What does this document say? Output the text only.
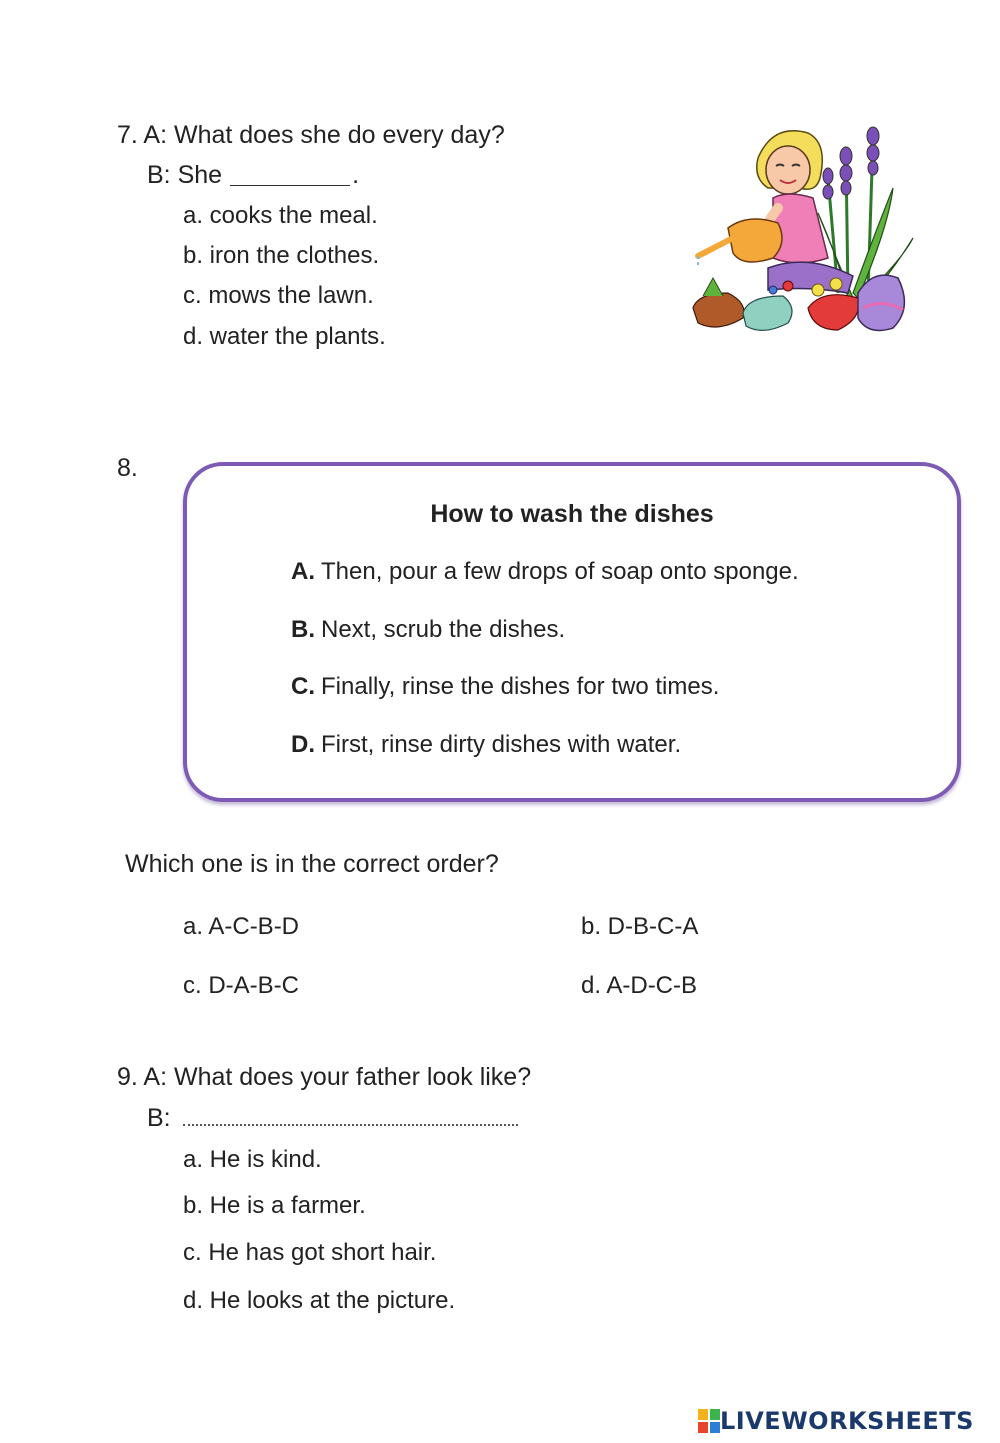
7. A: What does she do every day?
B: She	.
a. cooks the meal.
b. iron the clothes.
c. mows the lawn.
d. water the plants.
8.
How to wash the dishes
A. Then, pour a few drops of soap onto sponge.
B. Next, scrub the dishes.
C. Finally, rinse the dishes for two times.
D. First, rinse dirty dishes with water.
Which one is in the correct order?
a. A-C-B-D	b. D-B-C-A
c. D-A-B-C	d. A-D-C-B
9. A: What does your father look like?
B:
a. He is kind.
b. He is a farmer.
c. He has got short hair.
d. He looks at the picture.
LIVEWORKSHEETS
